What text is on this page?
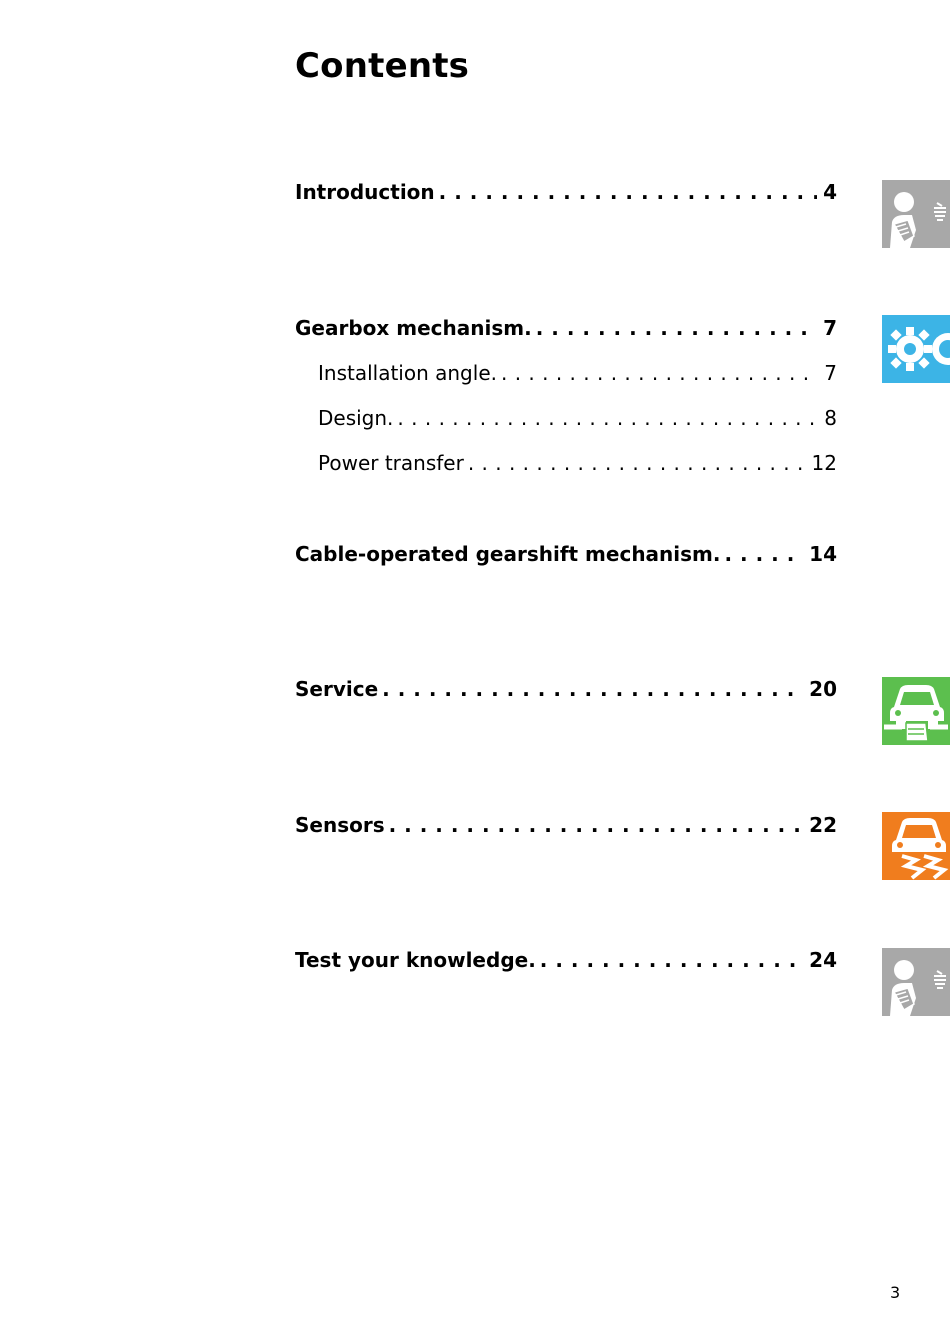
Contents
Introduction . . .	4
Gearbox mechanism. . . .	7
Installation angle. . . .	7
Design. . . .	8
Power transfer . . .	12
Cable-operated gearshift mechanism. . . .	14
Service . . .	20
Sensors . . .	22
Test your knowledge. . . .	24
3
